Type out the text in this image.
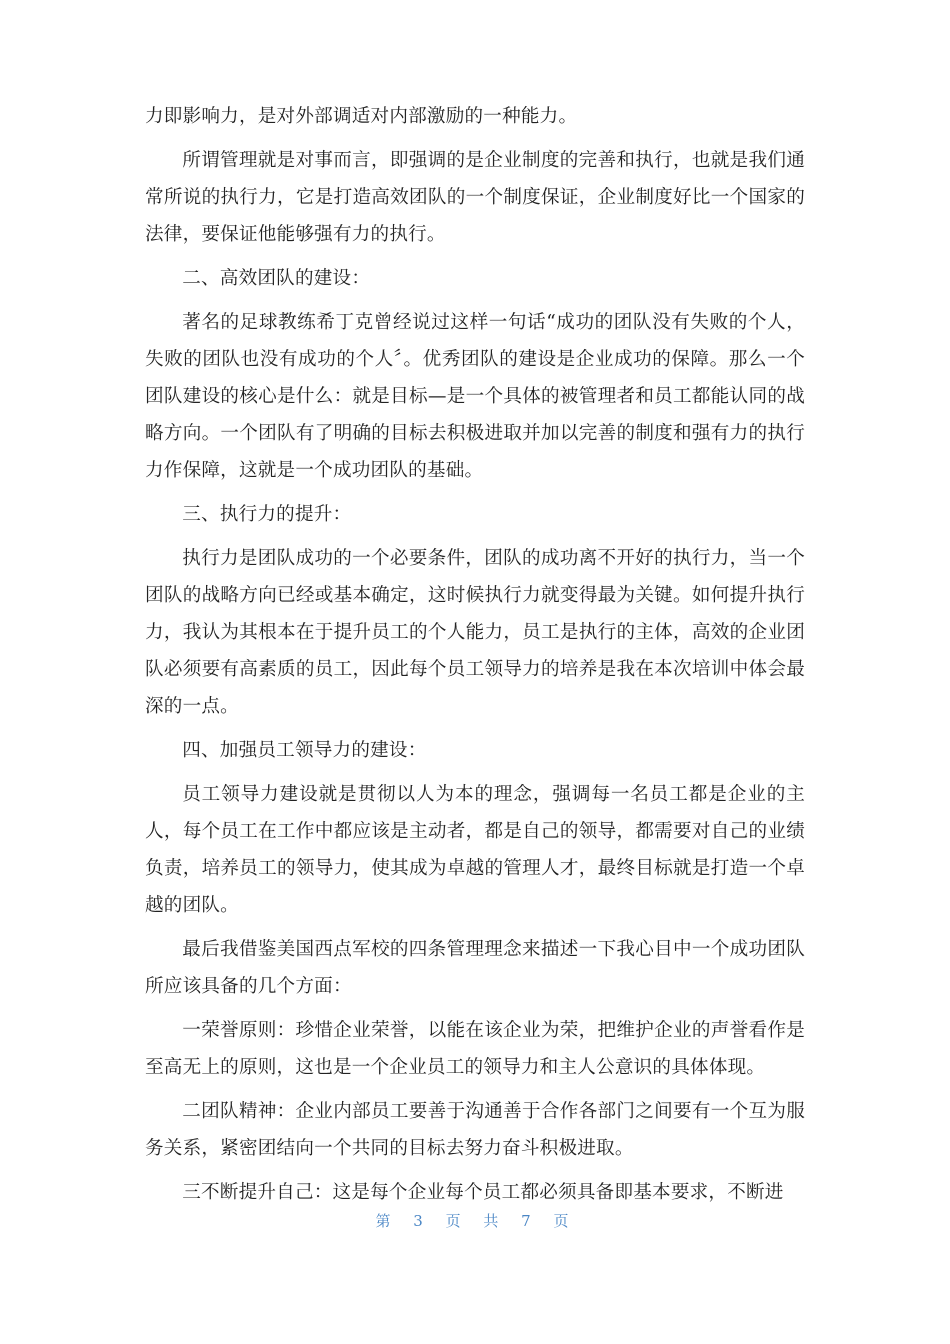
力即影响力，是对外部调适对内部激励的一种能力。

所谓管理就是对事而言，即强调的是企业制度的完善和执行，也就是我们通常所说的执行力，它是打造高效团队的一个制度保证，企业制度好比一个国家的法律，要保证他能够强有力的执行。

二、高效团队的建设：

著名的足球教练希丁克曾经说过这样一句话“成功的团队没有失败的个人，失败的团队也没有成功的个人〞。优秀团队的建设是企业成功的保障。那么一个团队建设的核心是什么：就是目标—是一个具体的被管理者和员工都能认同的战略方向。一个团队有了明确的目标去积极进取并加以完善的制度和强有力的执行力作保障，这就是一个成功团队的基础。

三、执行力的提升：

执行力是团队成功的一个必要条件，团队的成功离不开好的执行力，当一个团队的战略方向已经或基本确定，这时候执行力就变得最为关键。如何提升执行力，我认为其根本在于提升员工的个人能力，员工是执行的主体，高效的企业团队必须要有高素质的员工，因此每个员工领导力的培养是我在本次培训中体会最深的一点。

四、加强员工领导力的建设：

员工领导力建设就是贯彻以人为本的理念，强调每一名员工都是企业的主人，每个员工在工作中都应该是主动者，都是自己的领导，都需要对自己的业绩负责，培养员工的领导力，使其成为卓越的管理人才，最终目标就是打造一个卓越的团队。

最后我借鉴美国西点军校的四条管理理念来描述一下我心目中一个成功团队所应该具备的几个方面：

一荣誉原则：珍惜企业荣誉，以能在该企业为荣，把维护企业的声誉看作是至高无上的原则，这也是一个企业员工的领导力和主人公意识的具体体现。

二团队精神：企业内部员工要善于沟通善于合作各部门之间要有一个互为服务关系，紧密团结向一个共同的目标去努力奋斗积极进取。

三不断提升自己：这是每个企业每个员工都必须具备即基本要求，不断进

第 3 页 共 7 页
